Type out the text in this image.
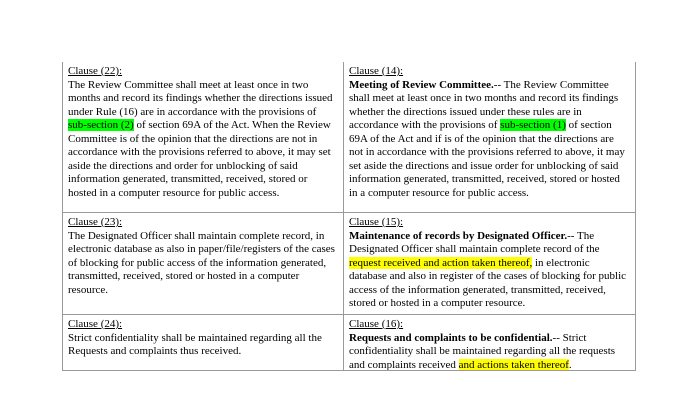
Clause (22):
The Review Committee shall meet at least once in two months and record its findings whether the directions issued under Rule (16) are in accordance with the provisions of sub-section (2) of section 69A of the Act. When the Review Committee is of the opinion that the directions are not in accordance with the provisions referred to above, it may set aside the directions and order for unblocking of said information generated, transmitted, received, stored or hosted in a computer resource for public access.
Clause (14):
Meeting of Review Committee.-- The Review Committee shall meet at least once in two months and record its findings whether the directions issued under these rules are in accordance with the provisions of sub-section (1) of section 69A of the Act and if is of the opinion that the directions are not in accordance with the provisions referred to above, it may set aside the directions and issue order for unblocking of said information generated, transmitted, received, stored or hosted in a computer resource for public access.
Clause (23):
The Designated Officer shall maintain complete record, in electronic database as also in paper/file/registers of the cases of blocking for public access of the information generated, transmitted, received, stored or hosted in a computer resource.
Clause (15):
Maintenance of records by Designated Officer.-- The Designated Officer shall maintain complete record of the request received and action taken thereof, in electronic database and also in register of the cases of blocking for public access of the information generated, transmitted, received, stored or hosted in a computer resource.
Clause (24):
Strict confidentiality shall be maintained regarding all the Requests and complaints thus received.
Clause (16):
Requests and complaints to be confidential.-- Strict confidentiality shall be maintained regarding all the requests and complaints received and actions taken thereof.
